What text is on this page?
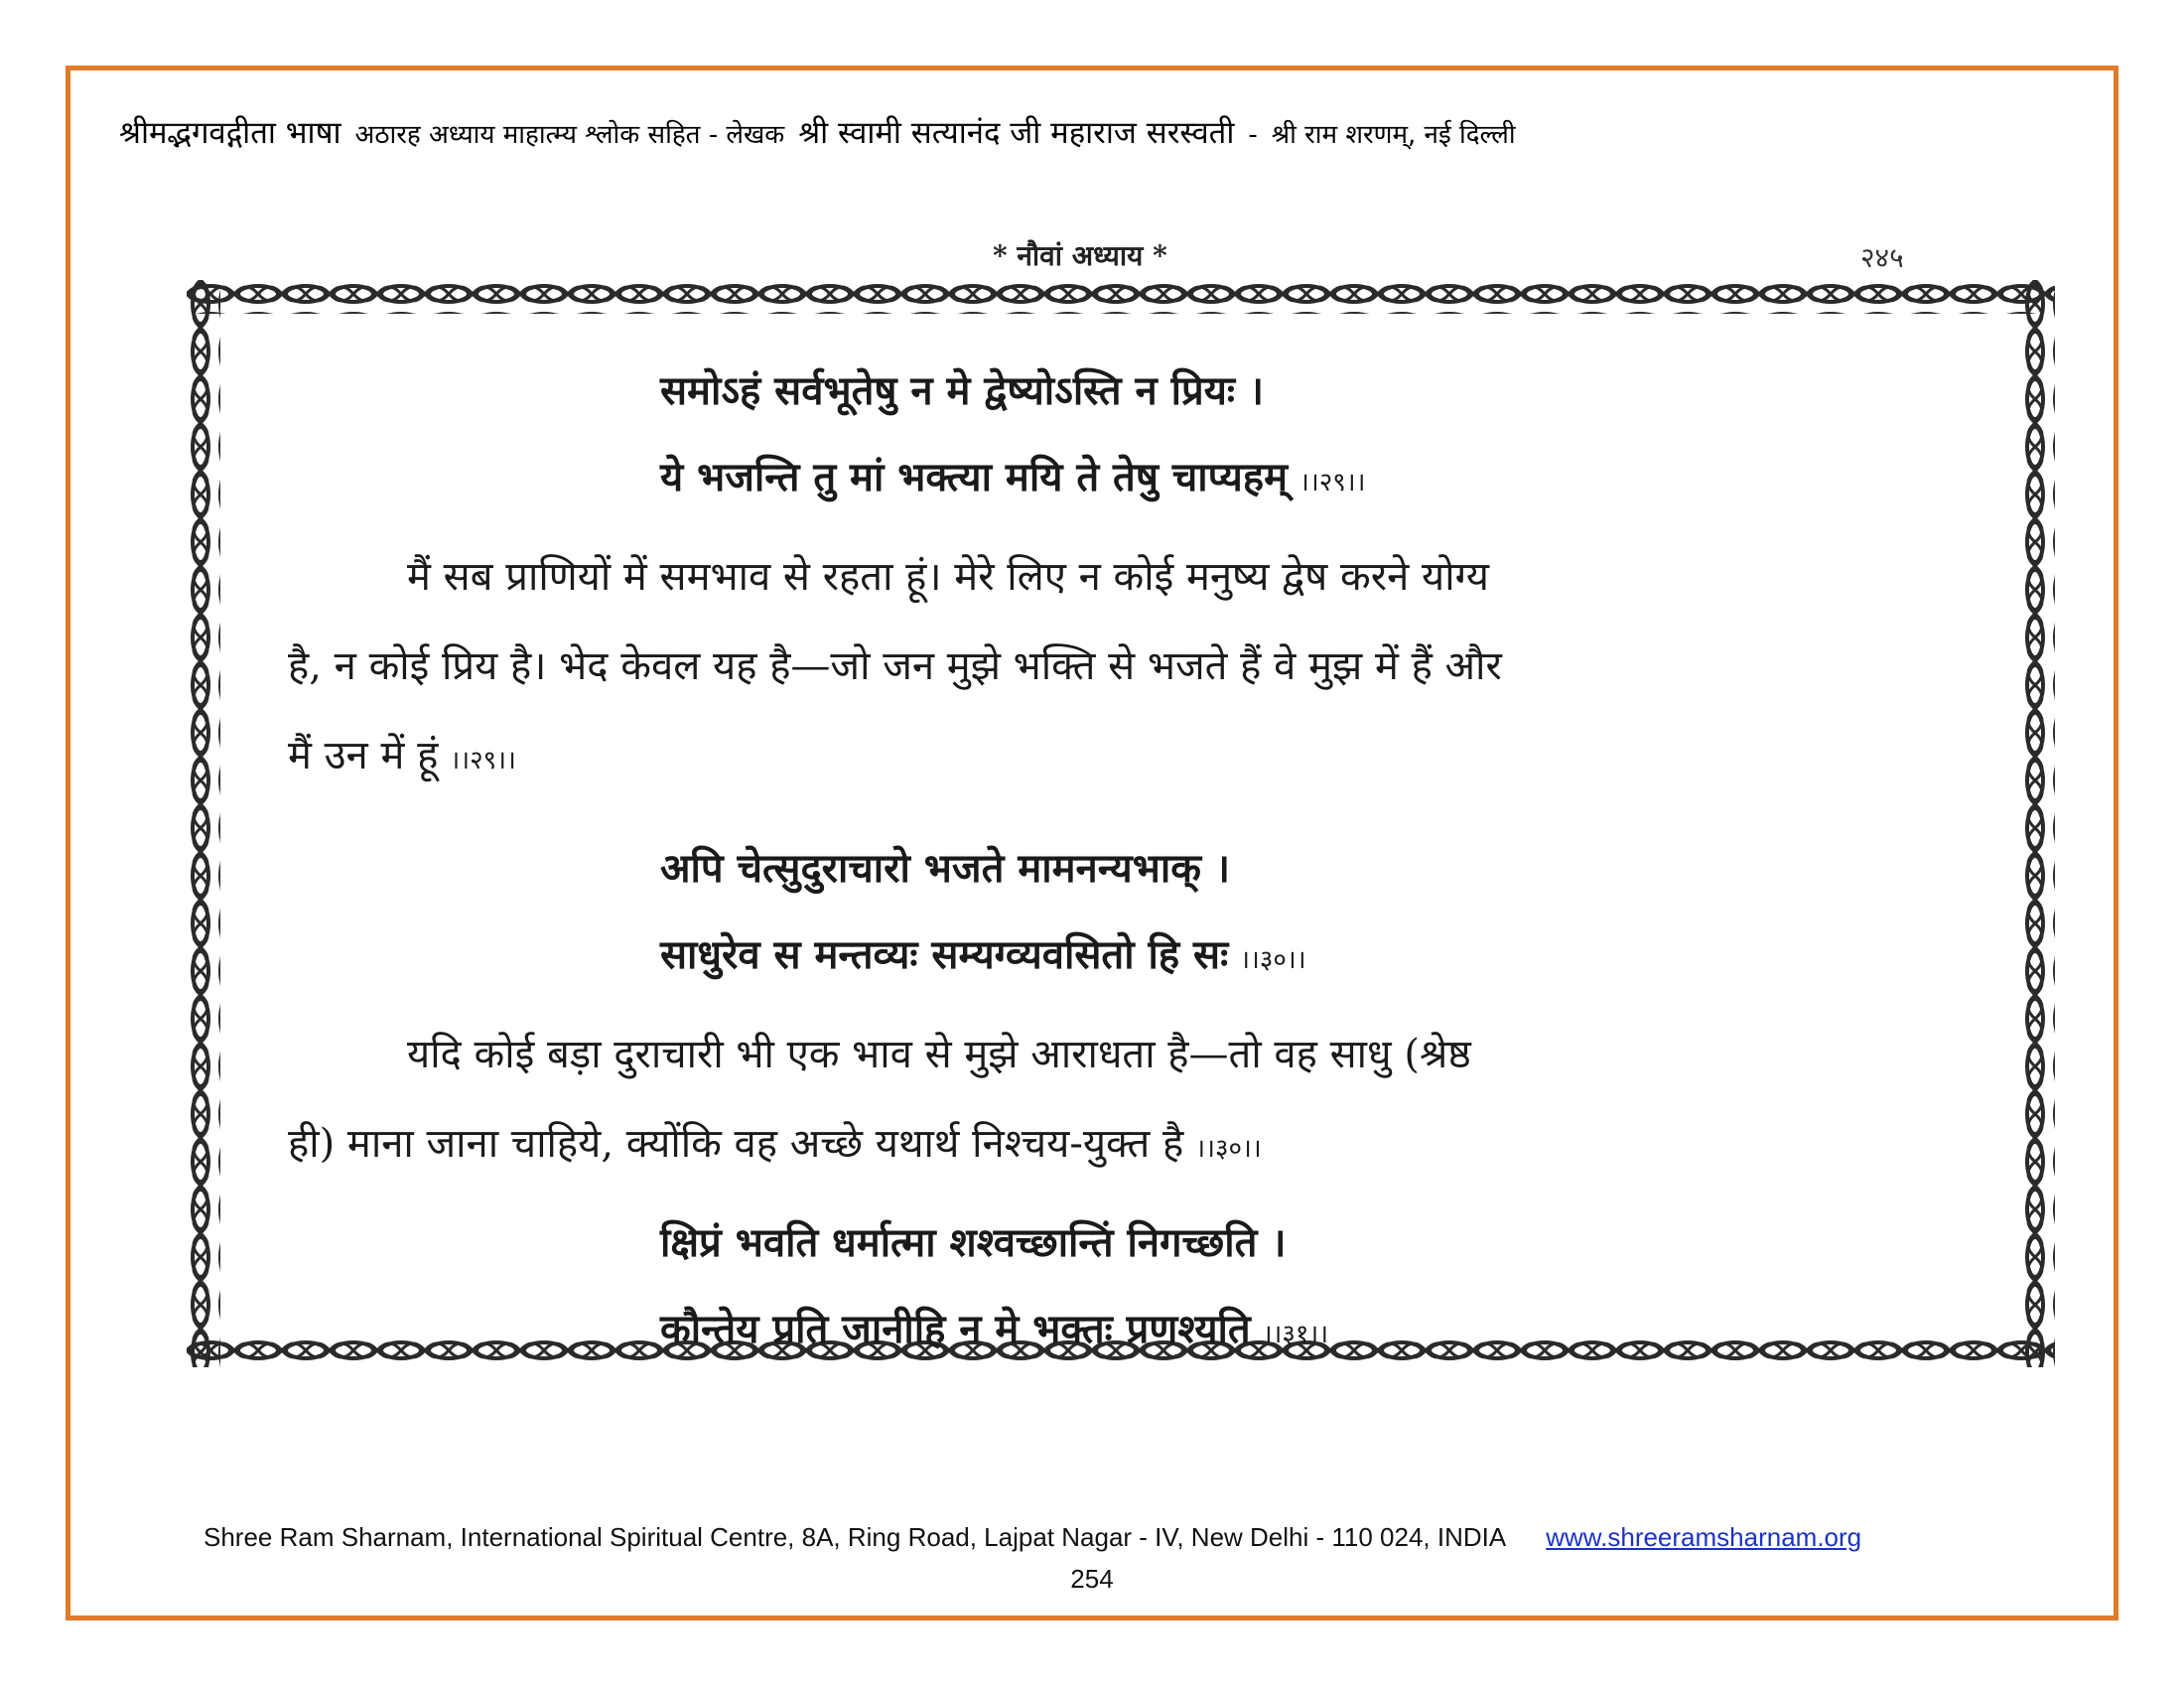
श्रीमद्भगवद्गीता भाषा अठारह अध्याय माहात्म्य श्लोक सहित - लेखक श्री स्वामी सत्यानंद जी महाराज सरस्वती - श्री राम शरणम्, नई दिल्ली
* नौवां अध्याय *	२४५
समोऽहं सर्वभूतेषु न मे द्वेष्योऽस्ति न प्रियः ।
ये भजन्ति तु मां भक्त्या मयि ते तेषु चाप्यहम् ।।२९।।
मैं सब प्राणियों में समभाव से रहता हूं। मेरे लिए न कोई मनुष्य द्वेष करने योग्य
है, न कोई प्रिय है। भेद केवल यह है—जो जन मुझे भक्ति से भजते हैं वे मुझ में हैं और
मैं उन में हूं ।।२९।।
अपि चेत्सुदुराचारो भजते मामनन्यभाक् ।
साधुरेव स मन्तव्यः सम्यग्व्यवसितो हि सः ।।३०।।
यदि कोई बड़ा दुराचारी भी एक भाव से मुझे आराधता है—तो वह साधु (श्रेष्ठ
ही) माना जाना चाहिये, क्योंकि वह अच्छे यथार्थ निश्चय-युक्त है ।।३०।।
क्षिप्रं भवति धर्मात्मा शश्वच्छान्तिं निगच्छति ।
कौन्तेय प्रति जानीहि न मे भक्तः प्रणश्यति ।।३१।।
Shree Ram Sharnam, International Spiritual Centre, 8A, Ring Road, Lajpat Nagar - IV, New Delhi - 110 024, INDIA www.shreeramsharnam.org
254
